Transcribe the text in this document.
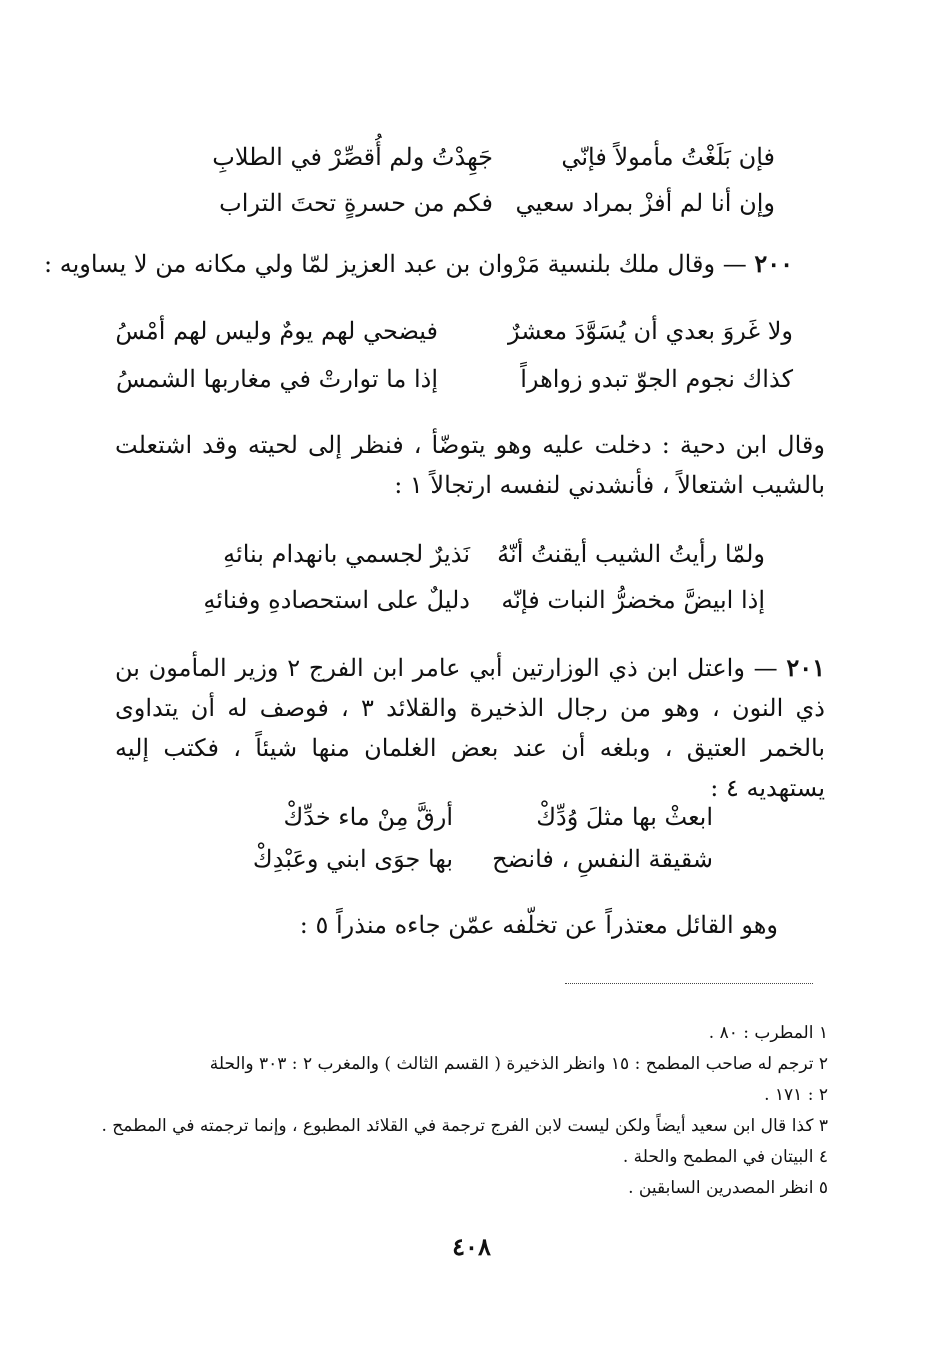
فإن بَلَغْتُ مأمولاً فإنّي
جَهِدْتُ ولم أُقصِّرْ في الطلابِ
وإن أنا لم أفزْ بمراد سعيي
فكم من حسرةٍ تحتَ التراب
٢٠٠ — وقال ملك بلنسية مَرْوان بن عبد العزيز لمّا ولي مكانه من لا يساويه :
ولا غَروَ بعدي أن يُسَوَّدَ معشرٌ
فيضحي لهم يومٌ وليس لهم أمْسُ
كذاك نجوم الجوّ تبدو زواهراً
إذا ما توارتْ في مغاربها الشمسُ
وقال ابن دحية : دخلت عليه وهو يتوضّأ ، فنظر إلى لحيته وقد اشتعلت بالشيب اشتعالاً ، فأنشدني لنفسه ارتجالاً ١ :
ولمّا رأيتُ الشيب أيقنتُ أنّهُ
نَذيرٌ لجسمي بانهدام بنائهِ
إذا ابيضَّ مخضرُّ النبات فإنّه
دليلٌ على استحصادهِ وفنائهِ
٢٠١ — واعتل ابن ذي الوزارتين أبي عامر ابن الفرج ٢ وزير المأمون بن ذي النون ، وهو من رجال الذخيرة والقلائد ٣ ، فوصف له أن يتداوى بالخمر العتيق ، وبلغه أن عند بعض الغلمان منها شيئاً ، فكتب إليه يستهديه ٤ :
ابعثْ بها مثلَ وُدِّكْ
أرقَّ مِنْ ماء خدِّكْ
شقيقة النفسِ ، فانضح
بها جوَى ابني وعَبْدِكْ
وهو القائل معتذراً عن تخلّفه عمّن جاءه منذراً ٥ :
١ المطرب : ٨٠ .
٢ ترجم له صاحب المطمح : ١٥ وانظر الذخيرة ( القسم الثالث ) والمغرب ٢ : ٣٠٣ والحلة
٢ : ١٧١ .
٣ كذا قال ابن سعيد أيضاً ولكن ليست لابن الفرج ترجمة في القلائد المطبوع ، وإنما ترجمته في المطمح .
٤ البيتان في المطمح والحلة .
٥ انظر المصدرين السابقين .
٤٠٨
